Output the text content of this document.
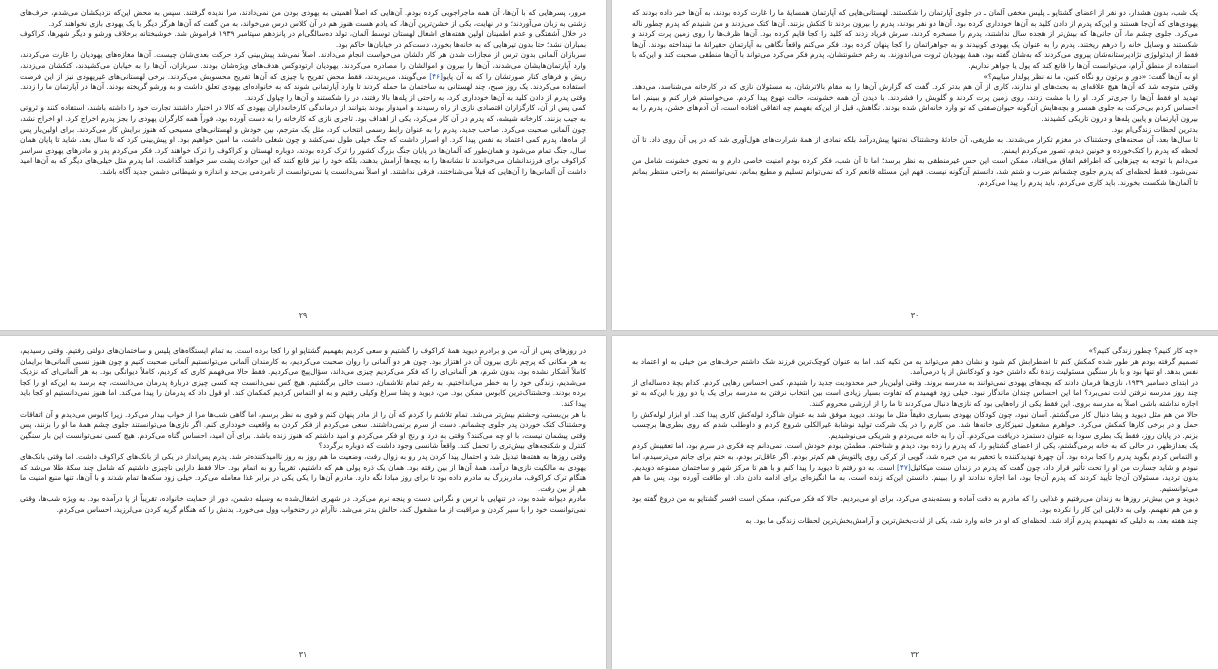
مرور، پسرهایی که با آن‌ها، آن همه ماجراجویی کرده بودم. آن‌هایی که اصلاً اهمیتی به یهودی بودن من نمی‌دادند، مرا ندیده گرفتند. سپس به محض این‌که نزدیکشان می‌شدم، حرف‌های زشتی به زبان می‌آوردند؛ و در نهایت، یکی از خشن‌ترین آن‌ها، که یادم هست هنوز هم در آن کلاس درس می‌خواند، به من گفت که آن‌ها هرگز دیگر با یک یهودی بازی نخواهند کرد.

در خلال آشفتگی و عدم اطمینان اولین هفته‌های اشغال لهستان توسط آلمان، تولد ده‌سالگی‌ام در پانزدهم سپتامبر ۱۹۳۹ فراموش شد. خوشبختانه برخلاف ورشو و دیگر شهرها، کراکوف بمباران نشد؛ حتا بدون تیرهایی که به خانه‌ها بخورد، دست‌کم در خیابان‌ها حاکم بود.

سربازان آلمانی بدون ترس از مجازات شدن هر کار دلشان می‌خواست انجام می‌دادند. اصلاً نمی‌شد پیش‌بینی کرد حرکت بعدی‌شان چیست. آن‌ها مغازه‌های یهودیان را غارت می‌کردند، وارد آپارتمان‌هایشان می‌شدند، آن‌ها را بیرون و اموالشان را مصادره می‌کردند. یهودیان ارتودوکس هدف‌های ویژه‌شان بودند. سربازان، آن‌ها را به خیابان می‌کشیدند، کتکشان می‌زدند، ریش و فرهای کنار صورتشان را که به آن پایو[۴۶] می‌گویند، می‌بریدند، فقط محض تفریح یا چیزی که آن‌ها تفریح محسوبش می‌کردند. برخی لهستانی‌های غیریهودی نیز از این فرصت استفاده می‌کردند. یک روز صبح، چند لهستانی به ساختمان ما حمله کردند تا وارد آپارتمانی شوند که به خانواده‌ای یهودی تعلق داشت و به ورشو گریخته بودند. آن‌ها در آپارتمان ما را زدند. وقتی پدرم از دادن کلید به آن‌ها خودداری کرد، به راحتی از پله‌ها بالا رفتند، در را شکستند و آن‌ها را چپاول کردند.

کمی پس از آن، کارگزاران اقتصادی نازی از راه رسیدند و امیدوار بودند بتوانند از درماندگی کارخانه‌داران یهودی که کالا در اختیار داشتند تجارت خود را داشته باشند، استفاده کنند و ثروتی به جیب بزنند. کارخانه شیشه، که پدرم در آن کار می‌کرد، یکی از اهداف بود. تاجری نازی که کارخانه را به دست آورده بود، فوراً همه کارگران یهودی را بجز پدرم اخراج کرد. او اخراج نشد، چون آلمانی صحبت می‌کرد. صاحب جدید، پدرم را به عنوان رابط رسمی انتخاب کرد، مثل یک مترجم، بین خودش و لهستانی‌های مسیحی که هنوز برایش کار می‌کردند. برای اولین‌بار پس از ماه‌ها، پدرم کمی اعتماد به نفس پیدا کرد. او اصرار داشت که جنگ خیلی طول نمی‌کشد و چون شغلی داشت، ما امین خواهیم بود. او پیش‌بینی کرد که تا سال بعد، شاید تا پایان همان سال، جنگ تمام می‌شود و همان‌طور که آلمان‌ها در پایان جنگ بزرگ کشور را ترک کرده بودند، دوباره لهستان و کراکوف را ترک خواهند کرد. فکر می‌کردم پدر و مادرهای یهودی سراسر کراکوف برای فرزندانشان می‌خواندند تا نشانه‌ها را به بچه‌ها آرامش بدهند، بلکه خود را نیز قانع کنند که این حوادث پشت سر خواهند گذاشت. اما پدرم مثل خیلی‌های دیگر که به آن‌ها امید داشت آن آلمانی‌ها را آن‌هایی که قبلاً می‌شناختند، فرقی نداشتند. او اصلاً نمی‌دانست یا نمی‌توانست از نامردمی بی‌حد و اندازه و شیطانی دشمن جدید آگاه باشد.

۲۹

یک شب، بدون هشدار، دو نفر از اعضای گشتاپو ـ پلیس مخفی آلمان ـ در جلوی آپارتمان را شکستند. لهستانی‌هایی که آپارتمان همسایهٔ ما را غارت کرده بودند، به آن‌ها خبر داده بودند که یهودی‌های که آن‌جا هستند و این‌که پدرم از دادن کلید به آن‌ها خودداری کرده بود. آن‌ها دو نفر بودند، پدرم را بیرون بردند تا کتکش بزنند. آن‌ها کتک می‌زدند و من شنیدم که پدرم چطور ناله می‌کرد. جلوی چشم ما، آن جانی‌ها که بیش‌تر از هجده سال نداشتند، پدرم را مسخره کردند، سرش فریاد زدند که کلید را کجا قایم کرده بود. آن‌ها ظرف‌ها را روی زمین پرت کردند و شکستند و وسایل خانه را درهم ریختند. پدرم را به عنوان یک یهودی کوبیدند و به جواهراتمان را کجا پنهان کرده بود. فکر می‌کنم واقعاً نگاهی به آپارتمان حقیرانهٔ ما نینداخته بودند. آن‌ها فقط از ایدئولوژی نژادپرستانه‌شان پیروی می‌کردند که به‌شان گفته بود، همهٔ یهودیان ثروت می‌اندوزند. به رغم خشونتشان، پدرم فکر می‌کرد می‌تواند با آن‌ها منطقی صحبت کند و این‌که با استفاده از منطق آرام، می‌توانست آن‌ها را قانع کند که پول یا جواهر نداریم.

او به آن‌ها گفت: «دور و برتون رو نگاه کنین، ما نه نظر پولدار میاییم؟»

وقتی متوجه شد که آن‌ها هیچ علاقه‌ای به بحث‌های او ندارند، کاری از آن هم بدتر کرد. گفت که گزارش آن‌ها را به مقام بالاترشان، به مسئولان نازی که در کارخانه می‌شناسد، می‌دهد. تهدید او فقط آن‌ها را جری‌تر کرد. او را با مشت زدند، روی زمین پرت کردند و گلویش را فشردند. با دیدن آن همه خشونت، حالت تهوع پیدا کردم. می‌خواستم فرار کنم و ببینم. اما احساس کردم بی‌حرکت به جلوی همسر و بچه‌هایش آن‌گونه حیوان‌صفتی که تو وارد خانه‌اش شده بودند. نگاهش، قبل از این‌که بفهمم چه اتفاقی افتاده است، آن آدم‌های خشن، پدرم را به بیرون آپارتمان و پایین پله‌ها و درون تاریکی کشیدند.

بدترین لحظات زندگی‌ام بود.

تا سال‌ها بعد، آن صحنه‌های وحشتناک در مغزم تکرار می‌شدند. به طریقی، آن حادثهٔ وحشتناک نه‌تنها پیش‌درآمد بلکه نمادی از همهٔ شرارت‌های هول‌آوری شد که در پی آن روی داد. تا آن لحظه که پدرم را کتک‌خورده و خونین دیدم، تصور می‌کردم ایمنم.

می‌دانم با توجه به چیزهایی که اطرافم اتفاق می‌افتاد، ممکن است این حس غیرمنطقی به نظر برسد؛ اما تا آن شب، فکر کرده بودم امنیت خاصی دارم و به نحوی خشونت شامل من نمی‌شود. فقط لحظه‌ای که پدرم جلوی چشمانم ضرب و شتم شد، دانستم آن‌گونه نیست. فهم این مسئله قانعم کرد که نمی‌توانم تسلیم و مطیع بمانم، نمی‌توانستم به راحتی منتظر بمانم تا آلمان‌ها شکست بخورند. باید کاری می‌کردم. باید پدرم را پیدا می‌کردم.

۳۰

در روزهای پس از آن، من و برادرم دیوید همهٔ کراکوف را گشتیم و سعی کردیم بفهمیم گشتاپو او را کجا برده است. به تمام ایستگاه‌های پلیس و ساختمان‌های دولتی رفتیم. وقتی رسیدیم، به هر مکانی که پرچم نازی بیرون آن در اهتزاز بود. چون هر دو آلمانی را روان صحبت می‌کردیم، به کارمندان آلمانی می‌توانستیم آلمانی صحبت کنیم و چون هنوز نسبی آلمانی‌ها برایمان کاملاً آشکار نشده بود، بدون شرم، هر آلمانی‌ای را که فکر می‌کردیم چیزی می‌داند، سؤال‌پیچ می‌کردیم. فقط حالا می‌فهمم کاری که کردیم، کاملاً دیوانگی بود. به هر آلمانی‌ای که نزدیک می‌شدیم، زندگی خود را به خطر می‌انداختیم. به رغم تمام تلاشمان، دست خالی برگشتیم. هیچ کس نمی‌دانست چه کسی چیزی دربارهٔ پدرمان می‌دانست، چه برسد به این‌که او را کجا برده بودند. وحشتناک‌ترین کابوس ممکن بود. من، دیوید و پشا سراغ وکیلی رفتیم و به او التماس کردیم کمکمان کند. او قول داد که پدرمان را پیدا می‌کند. اما هنوز نمی‌دانستیم او کجا باید پیدا کند.

با هر بن‌بستی، وحشتم بیش‌تر می‌شد. تمام تلاشم را کردم که آن را از مادر پنهان کنم و قوی به نظر برسم، اما گاهی شب‌ها مرا از خواب بیدار می‌کرد. زیرا کابوس می‌دیدم و آن اتفاقات وحشتناک کتک خوردن پدر جلوی چشمانم. دست از سرم برنمی‌داشتند. سعی می‌کردم از فکر کردن به واقعیت خودداری کنم. اگر نازی‌ها می‌توانستند جلوی چشم همهٔ ما او را بزنند، پس وقتی پیشمان نیست، با او چه می‌کنند؟ وقتی به درد و رنج او فکر می‌کردم و امید داشتم که هنوز زنده باشد. برای آن امید، احساس گناه می‌کردم. هیچ کسی نمی‌توانست این بار سنگین کنترل و شکنجه‌های بیش‌تری را تحمل کند. واقعاً شانسی وجود داشت که دوباره برگردد؟

وقتی روزها به هفته‌ها تبدیل شد و احتمال پیدا کردن پدر رو به زوال رفت، وضعیت ما هم روز به روز ناامیدکننده‌تر شد. پدرم پس‌انداز در یکی از بانک‌های کراکوف داشت. اما وقتی بانک‌های یهودی به مالکیت نازی‌ها درآمد، همهٔ آن‌ها از بین رفته بود. همان یک ذره پولی هم که داشتیم، تقریباً رو به اتمام بود. حالا فقط دارایی ناچیزی داشتیم که شامل چند سکهٔ طلا می‌شد که هنگام ترک کراکوف، مادربزرگ به مادرم داده بود تا برای روز مبادا نگه دارد. مادرم آن‌ها را یکی یکی در برابر غذا معامله می‌کرد. خیلی زود سکه‌ها تمام شدند و با آن‌ها، تنها منبع امنیت ما هم از بین رفت.

مادرم دیوانه شده بود، در تنهایی با ترس و نگرانی دست و پنجه نرم می‌کرد. در شهری اشغال‌شده به وسیله دشمن، دور از حمایت خانواده، تقریباً از پا درآمده بود. به ویژه شب‌ها، وقتی نمی‌توانست خود را با سیر کردن و مراقبت از ما مشغول کند، حالش بدتر می‌شد. ناآرام در رختخواب وول می‌خورد. بدنش را که هنگام گریه کردن می‌لرزید، احساس می‌کردم.

۳۱

«چه کار کنیم؟ چطور زندگی کنیم؟»

تصمیم گرفته بودم هر طور شده کمکش کنم تا اضطرابش کم شود و نشان دهم می‌تواند به من تکیه کند. اما به عنوان کوچک‌ترین فرزند شک داشتم حرف‌های من خیلی به او اعتماد به نفس بدهد. او تنها بود و با بار سنگین مسئولیت زندهٔ نگه داشتن خود و کودکانش از پا درمی‌آمد.

در ابتدای دسامبر ۱۹۳۹، نازی‌ها فرمان دادند که بچه‌های یهودی نمی‌توانند به مدرسه بروند. وقتی اولین‌بار خبر محدودیت جدید را شنیدم، کمی احساس رهایی کردم. کدام بچهٔ ده‌ساله‌ای از چند روز مدرسه نرفتن لذت نمی‌برد؟ اما این احساس چندان ماندگار نبود. خیلی زود فهمیدم که تفاوت بسیار زیادی است بین انتخاب نرفتن به مدرسه برای یک یا دو روز با این‌که به تو اجازه نداشته باشی اصلاً به مدرسه بروی. این فقط یکی از راه‌هایی بود که نازی‌ها دنبال می‌کردند تا ما را از ارزشی محروم کنند.

حالا من هم مثل دیوید و پشا دنبال کار می‌گشتم. آسان نبود، چون کودکان یهودی بسیاری دقیقاً مثل ما بودند. دیوید موفق شد به عنوان شاگرد لوله‌کش کاری پیدا کند. او ابزار لوله‌کش را حمل و در برخی کارها کمکش می‌کرد. خواهرم مشغول تمیزکاری خانه‌ها شد. من کارم را در یک شرکت تولید نوشابهٔ غیرالکلی شروع کردم و داوطلب شدم که روی بطری‌ها برچسب بزنم. در پایان روز، فقط یک بطری سودا به عنوان دستمزد دریافت می‌کردم. آن را به خانه می‌بردم و شریکی می‌نوشیدیم.

یک بعدازظهر، در حالی که به خانه برمی‌گشتم، یکی از اعضای گشتاپو را، که پدرم را زده بود، دیدم و شناختم. مطمئن بودم خودش است. نمی‌دانم چه فکری در سرم بود، اما تعقیبش کردم و التماس کردم بگوید پدرم را کجا برده بود. آن چهرهٔ تهدیدکننده با تحقیر به من خیره شد، گویی از کرکی روی پالتویش هم کم‌تر بودم. اگر عاقل‌تر بودم، به ختم برای جانم می‌ترسیدم، اما نبودم و شاید جسارت من او را تحت تأثیر قرار داد، چون گفت که پدرم در زندان سنت میکائیل[۴۷] است. به دو رفتم تا دیوید را پیدا کنم و با هم تا مرکز شهر و ساختمان ممنوعه دویدیم. بدون تردید، مسئولان آن‌جا تأیید کردند که پدرم آن‌جا بود، اما اجازه ندادند او را ببینم. دانستن این‌که زنده است، به ما انگیزه‌ای برای ادامه دادن داد. او طاقت آورده بود، پس ما هم می‌توانستیم.

دیوید و من بیش‌تر روزها به زندان می‌رفتیم و غذایی را که مادرم به دقت آماده و بسته‌بندی می‌کرد، برای او می‌بردیم. حالا که فکر می‌کنم، ممکن است افسر گشتاپو به من دروغ گفته بود و من هم نفهمم. ولی به دلایلی این کار را نکرده بود.

چند هفته بعد، به دلیلی که نفهمیدم پدرم آزاد شد. لحظه‌ای که او در خانه وارد شد، یکی از لذت‌بخش‌ترین و آرامش‌بخش‌ترین لحظات زندگی ما بود. به

۳۲
